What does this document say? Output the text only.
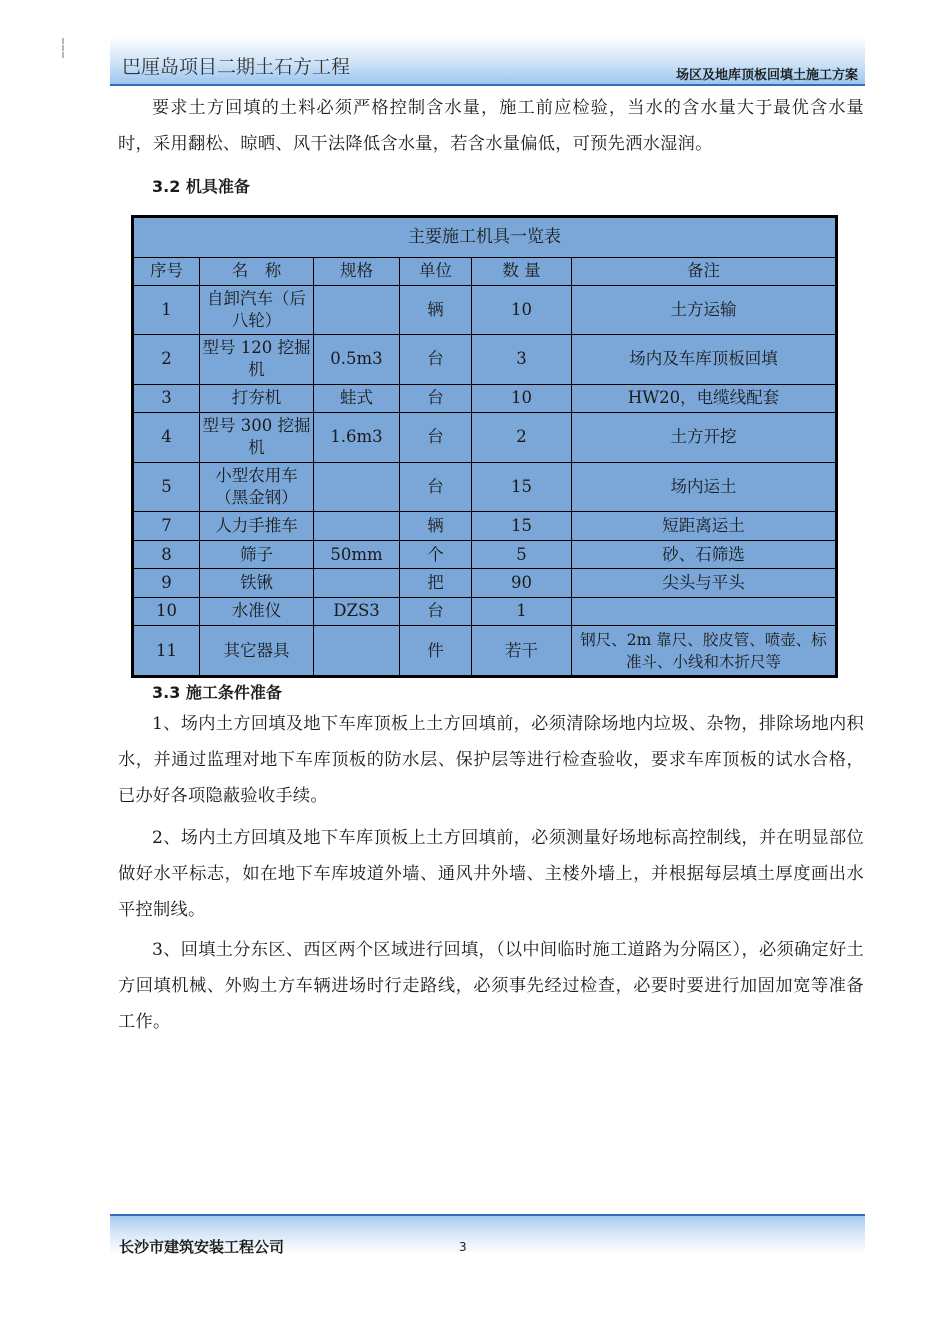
巴厘岛项目二期土石方工程	场区及地库顶板回填土施工方案
要求土方回填的土料必须严格控制含水量，施工前应检验，当水的含水量大于最优含水量时，采用翻松、晾晒、风干法降低含水量，若含水量偏低，可预先洒水湿润。
3.2 机具准备
主要施工机具一览表					
序号	名　称	规格	单位	数 量	备注
1	自卸汽车（后八轮）		辆	10	土方运输
2	型号 120 挖掘机	0.5m3	台	3	场内及车库顶板回填
3	打夯机	蛙式	台	10	HW20，电缆线配套
4	型号 300 挖掘机	1.6m3	台	2	土方开挖
5	小型农用车（黑金钢）		台	15	场内运土
7	人力手推车		辆	15	短距离运土
8	筛子	50mm	个	5	砂、石筛选
9	铁锹		把	90	尖头与平头
10	水准仪	DZS3	台	1	
11	其它器具		件	若干	钢尺、2m 靠尺、胶皮管、喷壶、标准斗、小线和木折尺等
3.3 施工条件准备
1、场内土方回填及地下车库顶板上土方回填前，必须清除场地内垃圾、杂物，排除场地内积水，并通过监理对地下车库顶板的防水层、保护层等进行检查验收，要求车库顶板的试水合格，已办好各项隐蔽验收手续。
2、场内土方回填及地下车库顶板上土方回填前，必须测量好场地标高控制线，并在明显部位做好水平标志，如在地下车库坡道外墙、通风井外墙、主楼外墙上，并根据每层填土厚度画出水平控制线。
3、回填土分东区、西区两个区域进行回填，（以中间临时施工道路为分隔区），必须确定好土方回填机械、外购土方车辆进场时行走路线，必须事先经过检查，必要时要进行加固加宽等准备工作。
长沙市建筑安装工程公司	3
